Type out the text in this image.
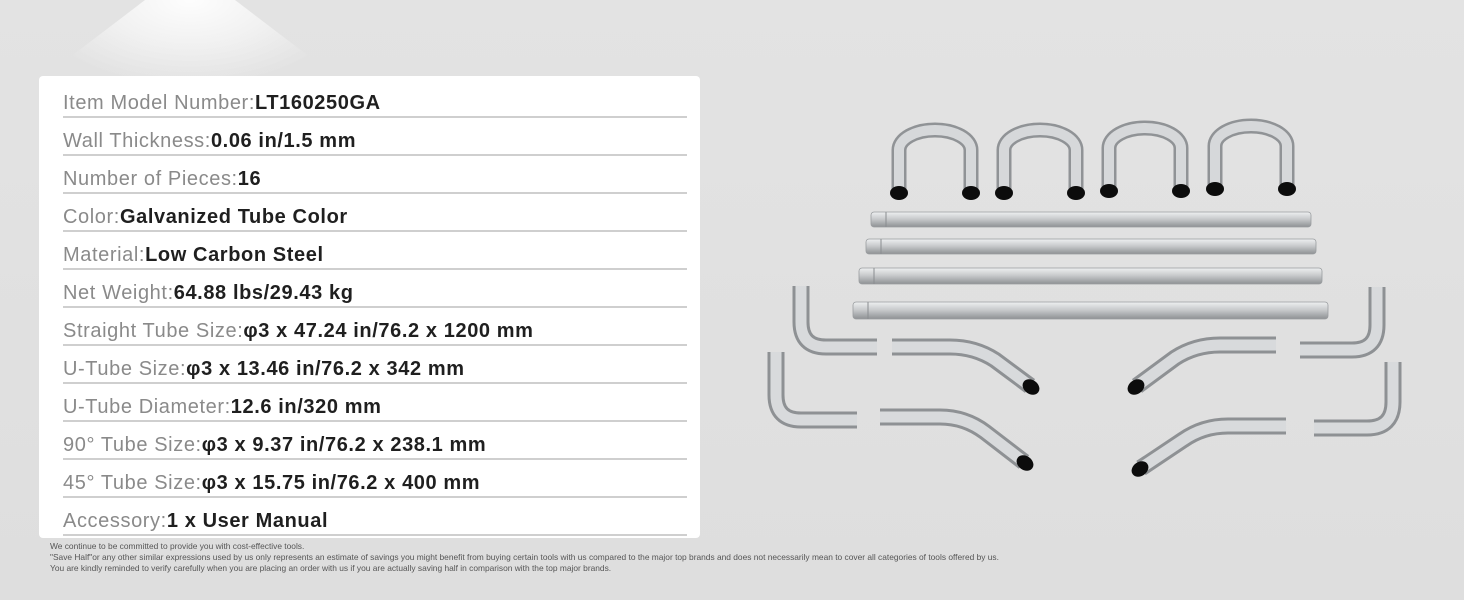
Item Model Number: LT160250GA
Wall Thickness: 0.06 in/1.5 mm
Number of Pieces: 16
Color: Galvanized Tube Color
Material: Low Carbon Steel
Net Weight: 64.88 lbs/29.43 kg
Straight Tube Size: φ3 x 47.24 in/76.2 x 1200 mm
U-Tube Size: φ3 x 13.46 in/76.2 x 342 mm
U-Tube Diameter: 12.6 in/320 mm
90° Tube Size: φ3 x 9.37 in/76.2 x 238.1 mm
45° Tube Size: φ3 x 15.75 in/76.2 x 400 mm
Accessory: 1 x User Manual
We continue to be committed to provide you with cost-effective tools.
"Save Half"or any other similar expressions used by us only represents an estimate of savings you might benefit from buying certain tools with us compared to the major top brands and does not necessarily mean to cover all categories of tools offered by us.
You are kindly reminded to verify carefully when you are placing an order with us if you are actually saving half in comparison with the top major brands.
